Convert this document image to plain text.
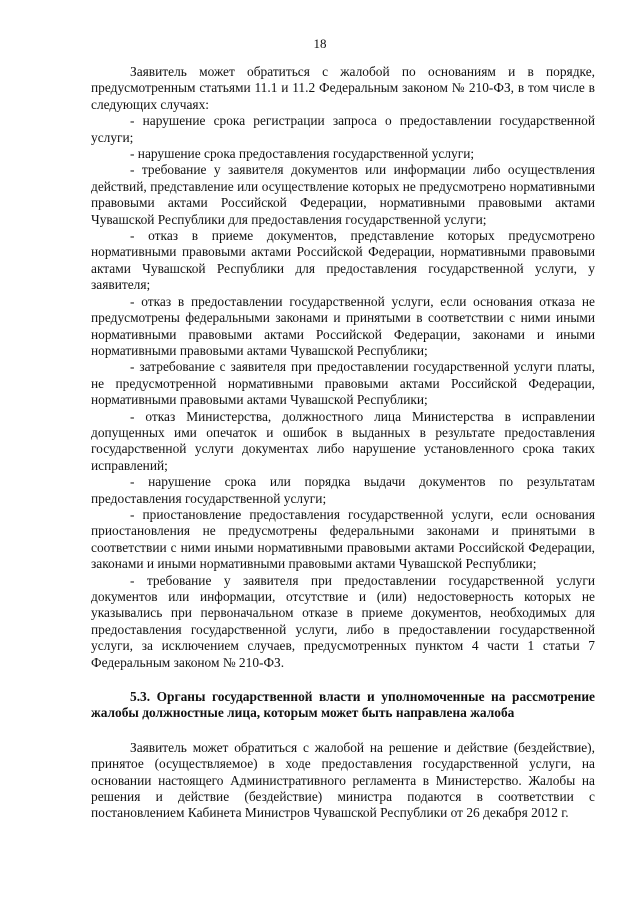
18

Заявитель может обратиться с жалобой по основаниям и в порядке, предусмотренным статьями 11.1 и 11.2 Федеральным законом № 210-ФЗ, в том числе в следующих случаях:

- нарушение срока регистрации запроса о предоставлении государственной услуги;

- нарушение срока предоставления государственной услуги;

- требование у заявителя документов или информации либо осуществления действий, представление или осуществление которых не предусмотрено нормативными правовыми актами Российской Федерации, нормативными правовыми актами Чувашской Республики для предоставления государственной услуги;

- отказ в приеме документов, представление которых предусмотрено нормативными правовыми актами Российской Федерации, нормативными правовыми актами Чувашской Республики для предоставления государственной услуги, у заявителя;

- отказ в предоставлении государственной услуги, если основания отказа не предусмотрены федеральными законами и принятыми в соответствии с ними иными нормативными правовыми актами Российской Федерации, законами и иными нормативными правовыми актами Чувашской Республики;

- затребование с заявителя при предоставлении государственной услуги платы, не предусмотренной нормативными правовыми актами Российской Федерации, нормативными правовыми актами Чувашской Республики;

- отказ Министерства, должностного лица Министерства в исправлении допущенных ими опечаток и ошибок в выданных в результате предоставления государственной услуги документах либо нарушение установленного срока таких исправлений;

- нарушение срока или порядка выдачи документов по результатам предоставления государственной услуги;

- приостановление предоставления государственной услуги, если основания приостановления не предусмотрены федеральными законами и принятыми в соответствии с ними иными нормативными правовыми актами Российской Федерации, законами и иными нормативными правовыми актами Чувашской Республики;

- требование у заявителя при предоставлении государственной услуги документов или информации, отсутствие и (или) недостоверность которых не указывались при первоначальном отказе в приеме документов, необходимых для предоставления государственной услуги, либо в предоставлении государственной услуги, за исключением случаев, предусмотренных пунктом 4 части 1 статьи 7 Федеральным законом № 210-ФЗ.

5.3. Органы государственной власти и уполномоченные на рассмотрение жалобы должностные лица, которым может быть направлена жалоба

Заявитель может обратиться с жалобой на решение и действие (бездействие), принятое (осуществляемое) в ходе предоставления государственной услуги, на основании настоящего Административного регламента в Министерство. Жалобы на решения и действие (бездействие) министра подаются в соответствии с постановлением Кабинета Министров Чувашской Республики от 26 декабря 2012 г.
